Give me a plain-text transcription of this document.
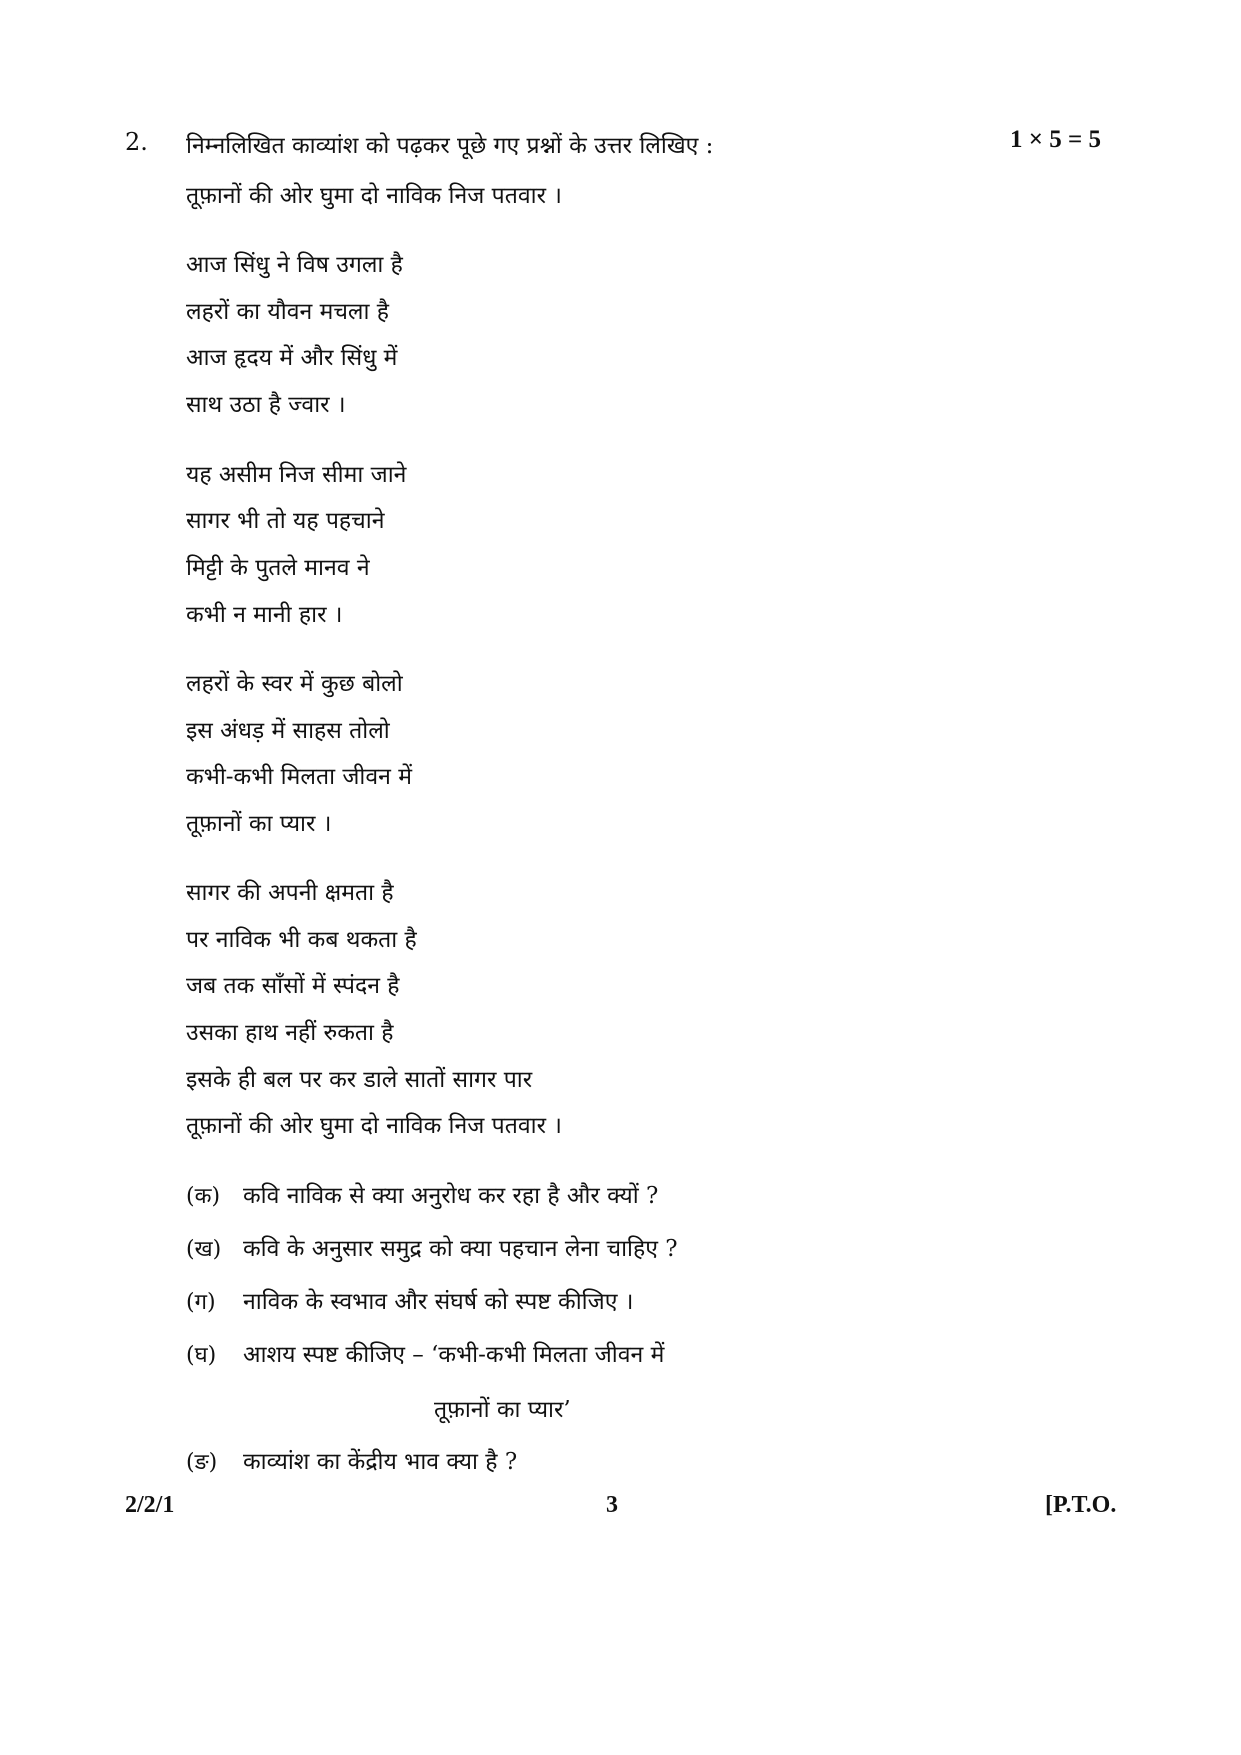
2. निम्नलिखित काव्यांश को पढ़कर पूछे गए प्रश्नों के उत्तर लिखिए :	1 × 5 = 5
तूफ़ानों की ओर घुमा दो नाविक निज पतवार ।
आज सिंधु ने विष उगला है
लहरों का यौवन मचला है
आज हृदय में और सिंधु में
साथ उठा है ज्वार ।
यह असीम निज सीमा जाने
सागर भी तो यह पहचाने
मिट्टी के पुतले मानव ने
कभी न मानी हार ।
लहरों के स्वर में कुछ बोलो
इस अंधड़ में साहस तोलो
कभी-कभी मिलता जीवन में
तूफ़ानों का प्यार ।
सागर की अपनी क्षमता है
पर नाविक भी कब थकता है
जब तक साँसों में स्पंदन है
उसका हाथ नहीं रुकता है
इसके ही बल पर कर डाले सातों सागर पार
तूफ़ानों की ओर घुमा दो नाविक निज पतवार ।
(क) कवि नाविक से क्या अनुरोध कर रहा है और क्यों ?
(ख) कवि के अनुसार समुद्र को क्या पहचान लेना चाहिए ?
(ग) नाविक के स्वभाव और संघर्ष को स्पष्ट कीजिए ।
(घ) आशय स्पष्ट कीजिए – ‘कभी-कभी मिलता जीवन में
तूफ़ानों का प्यार’
(ङ) काव्यांश का केंद्रीय भाव क्या है ?
2/2/1	3	[P.T.O.
